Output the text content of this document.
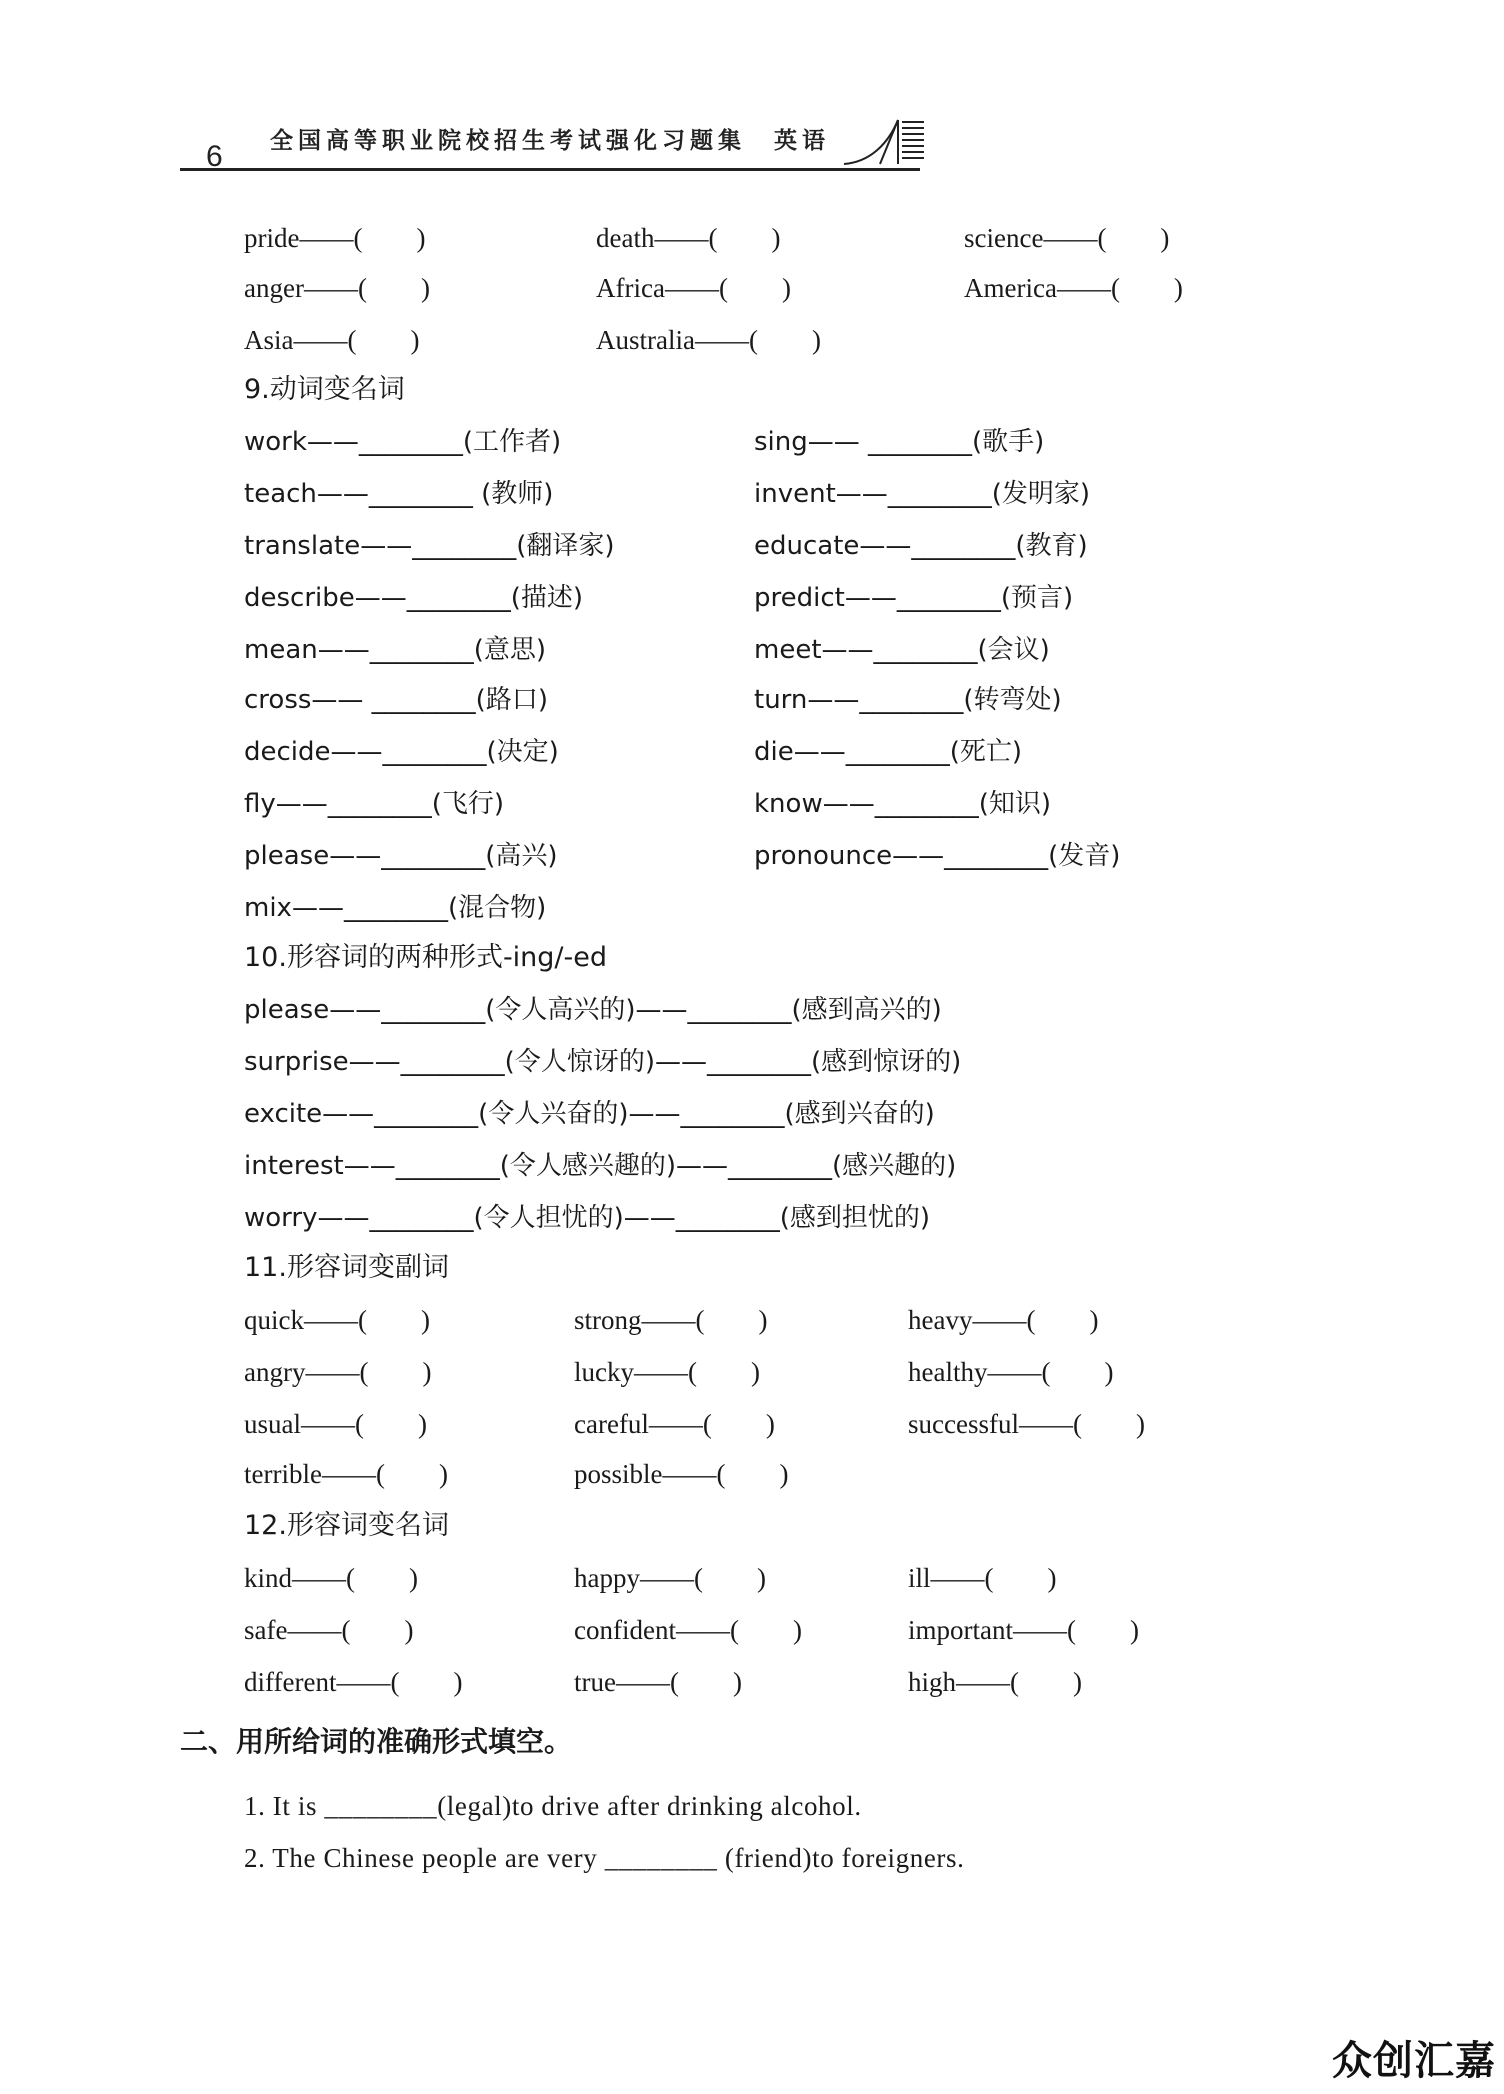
6 全国高等职业院校招生考试强化习题集　英语
pride——(　　)	death——(　　)	science——(　　)
anger——(　　)	Africa——(　　)	America——(　　)
Asia——(　　)	Australia——(　　)
9.动词变名词
work——________(工作者)	sing—— ________(歌手)
teach——________ (教师)	invent——________(发明家)
translate——________(翻译家)	educate——________(教育)
describe——________(描述)	predict——________(预言)
mean——________(意思)	meet——________(会议)
cross—— ________(路口)	turn——________(转弯处)
decide——________(决定)	die——________(死亡)
fly——________(飞行)	know——________(知识)
please——________(高兴)	pronounce——________(发音)
mix——________(混合物)
10.形容词的两种形式-ing/-ed
please——________(令人高兴的)——________(感到高兴的)
surprise——________(令人惊讶的)——________(感到惊讶的)
excite——________(令人兴奋的)——________(感到兴奋的)
interest——________(令人感兴趣的)——________(感兴趣的)
worry——________(令人担忧的)——________(感到担忧的)
11.形容词变副词
quick——(　　)	strong——(　　)	heavy——(　　)
angry——(　　)	lucky——(　　)	healthy——(　　)
usual——(　　)	careful——(　　)	successful——(　　)
terrible——(　　)	possible——(　　)
12.形容词变名词
kind——(　　)	happy——(　　)	ill——(　　)
safe——(　　)	confident——(　　)	important——(　　)
different——(　　)	true——(　　)	high——(　　)
二、用所给词的准确形式填空。
1. It is ________(legal)to drive after drinking alcohol.
2. The Chinese people are very ________ (friend)to foreigners.
众创汇嘉
